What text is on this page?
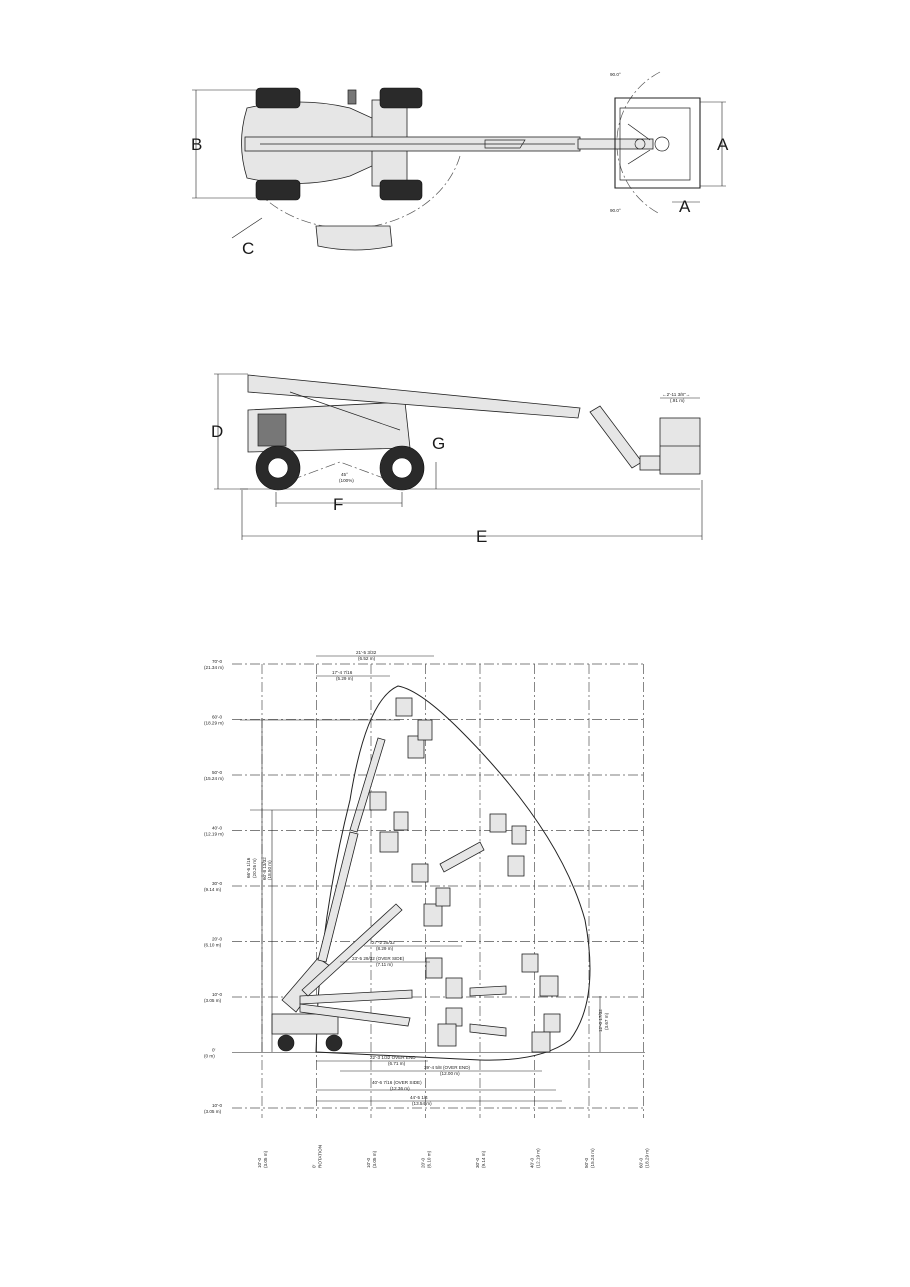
90.0°
90.0°
B
C
A
A
←2'-11 3/8"→
(.91 m)
45°
(100%)
D
F
G
E
70'-0
(21.34 m)
60'-0
(18.29 m)
50'-0
(15.24 m)
40'-0
(12.19 m)
30'-0
(9.14 m)
20'-0
(6.10 m)
10'-0
(3.05 m)
0'
(0 m)
10'-0
(3.05 m)
10'-0 (3.05 m)	0' ROTATION	10'-0 (3.05 m)	20'-0 (6.10 m)	30'-0 (9.14 m)	40'-0 (12.19 m)	50'-0 (15.24 m)	60'-0 (18.29 m)
21'-5 3/32
(6.52 m)
17'-4 7/16
(5.29 m)
27'-2 25/32
(8.29 m)
23'-5 29/32 (OVER SIDE)
(7.11 m)
22'-3 1/32 OVER END
(6.71 m)
39'-4 5/8 (OVER END)
(12.00 m)
40'-6 7/16 (OVER SIDE)
(12.36 m)
44'-5 1/4
(13.54 m)
66'-6 1/16 (20.26 m) 60'-8 13/32 (18.50 m)
12'-0 17/32 (3.67 m)
